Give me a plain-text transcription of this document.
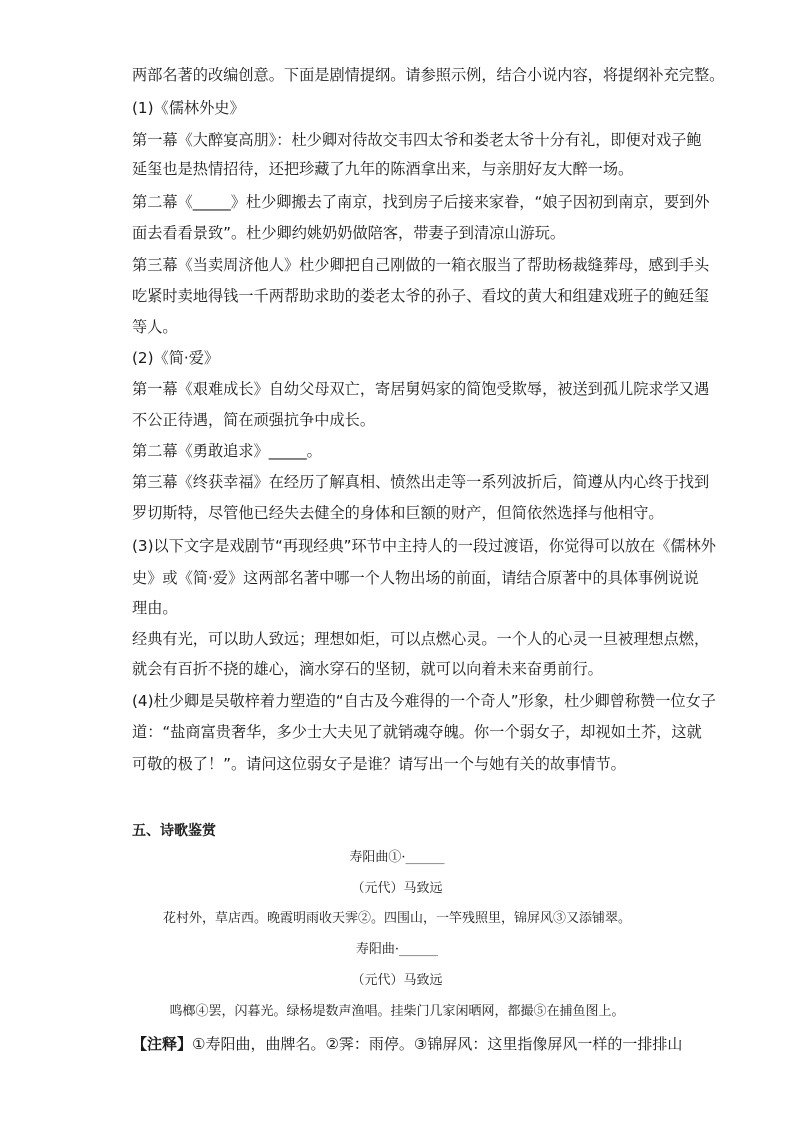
两部名著的改编创意。下面是剧情提纲。请参照示例，结合小说内容，将提纲补充完整。
(1)《儒林外史》
第一幕《大醉宴高朋》：杜少卿对待故交韦四太爷和娄老太爷十分有礼，即便对戏子鲍
延玺也是热情招待，还把珍藏了九年的陈酒拿出来，与亲朋好友大醉一场。
第二幕《_____》杜少卿搬去了南京，找到房子后接来家眷，“娘子因初到南京，要到外
面去看看景致”。杜少卿约姚奶奶做陪客，带妻子到清凉山游玩。
第三幕《当卖周济他人》杜少卿把自己刚做的一箱衣服当了帮助杨裁缝葬母，感到手头
吃紧时卖地得钱一千两帮助求助的娄老太爷的孙子、看坟的黄大和组建戏班子的鲍廷玺
等人。
(2)《简·爱》
第一幕《艰难成长》自幼父母双亡，寄居舅妈家的简饱受欺辱，被送到孤儿院求学又遇
不公正待遇，简在顽强抗争中成长。
第二幕《勇敢追求》_____。
第三幕《终获幸福》在经历了解真相、愤然出走等一系列波折后，简遵从内心终于找到
罗切斯特，尽管他已经失去健全的身体和巨额的财产，但简依然选择与他相守。
(3)以下文字是戏剧节“再现经典”环节中主持人的一段过渡语，你觉得可以放在《儒林外
史》或《简·爱》这两部名著中哪一个人物出场的前面，请结合原著中的具体事例说说
理由。
经典有光，可以助人致远；理想如炬，可以点燃心灵。一个人的心灵一旦被理想点燃，
就会有百折不挠的雄心，滴水穿石的坚韧，就可以向着未来奋勇前行。
(4)杜少卿是吴敬梓着力塑造的“自古及今难得的一个奇人”形象，杜少卿曾称赞一位女子
道：“盐商富贵奢华，多少士大夫见了就销魂夺魄。你一个弱女子，却视如土芥，这就
可敬的极了！”。请问这位弱女子是谁？请写出一个与她有关的故事情节。
五、诗歌鉴赏
寿阳曲①·______
（元代）马致远
花村外，草店西。晚霞明雨收天霁②。四围山，一竿残照里，锦屏风③又添铺翠。
寿阳曲·______
（元代）马致远
鸣榔④罢，闪暮光。绿杨堤数声渔唱。挂柴门几家闲晒网，都撮⑤在捕鱼图上。
【注释】①寿阳曲，曲牌名。②霁：雨停。③锦屏风：这里指像屏风一样的一排排山
